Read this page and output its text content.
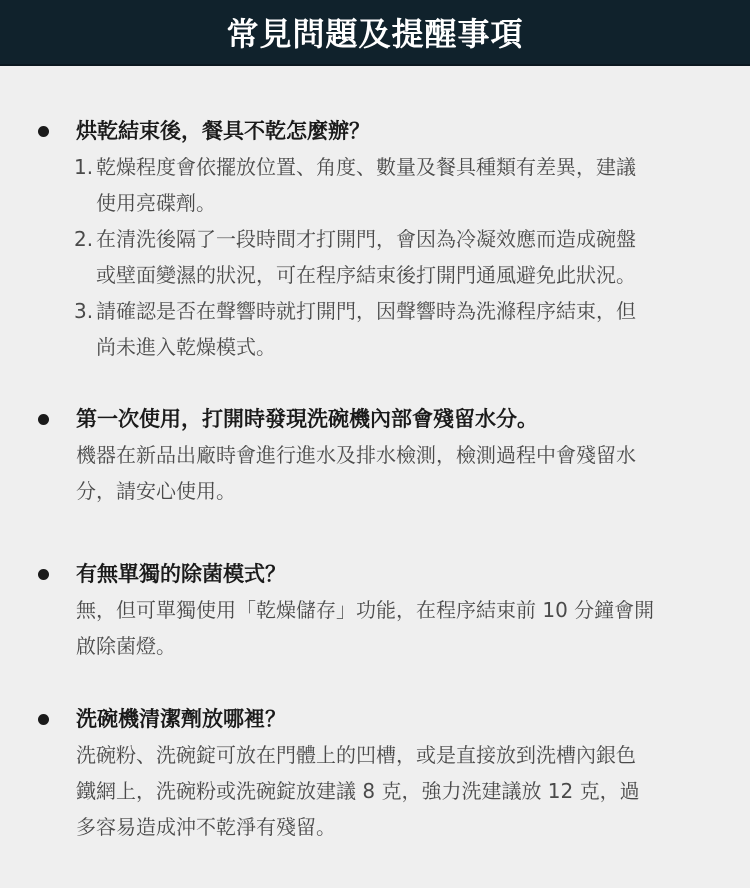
常見問題及提醒事項
烘乾結束後，餐具不乾怎麼辦？
1. 乾燥程度會依擺放位置、角度、數量及餐具種類有差異，建議
使用亮碟劑。
2. 在清洗後隔了一段時間才打開門，會因為冷凝效應而造成碗盤
或壁面變濕的狀況，可在程序結束後打開門通風避免此狀況。
3. 請確認是否在聲響時就打開門，因聲響時為洗滌程序結束，但
尚未進入乾燥模式。
第一次使用，打開時發現洗碗機內部會殘留水分。
機器在新品出廠時會進行進水及排水檢測，檢測過程中會殘留水
分，請安心使用。
有無單獨的除菌模式？
無，但可單獨使用「乾燥儲存」功能，在程序結束前 10 分鐘會開
啟除菌燈。
洗碗機清潔劑放哪裡？
洗碗粉、洗碗錠可放在門體上的凹槽，或是直接放到洗槽內銀色
鐵網上，洗碗粉或洗碗錠放建議 8 克，強力洗建議放 12 克，過
多容易造成沖不乾淨有殘留。
